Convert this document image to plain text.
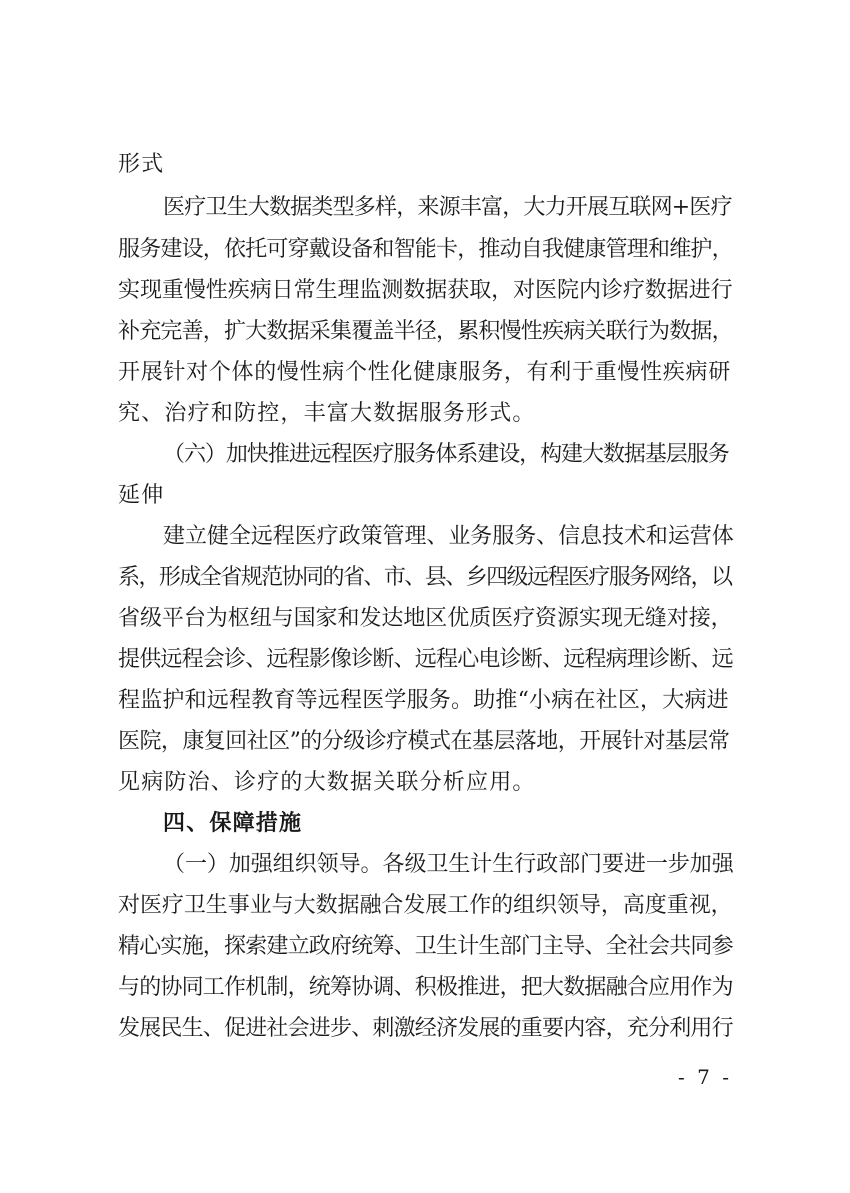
形式
医疗卫生大数据类型多样，来源丰富，大力开展互联网+医疗
服务建设，依托可穿戴设备和智能卡，推动自我健康管理和维护，
实现重慢性疾病日常生理监测数据获取，对医院内诊疗数据进行
补充完善，扩大数据采集覆盖半径，累积慢性疾病关联行为数据，
开展针对个体的慢性病个性化健康服务，有利于重慢性疾病研
究、治疗和防控，丰富大数据服务形式。
（六）加快推进远程医疗服务体系建设，构建大数据基层服务
延伸
建立健全远程医疗政策管理、业务服务、信息技术和运营体
系，形成全省规范协同的省、市、县、乡四级远程医疗服务网络，以
省级平台为枢纽与国家和发达地区优质医疗资源实现无缝对接，
提供远程会诊、远程影像诊断、远程心电诊断、远程病理诊断、远
程监护和远程教育等远程医学服务。助推“小病在社区，大病进
医院，康复回社区”的分级诊疗模式在基层落地，开展针对基层常
见病防治、诊疗的大数据关联分析应用。
四、保障措施
（一）加强组织领导。各级卫生计生行政部门要进一步加强
对医疗卫生事业与大数据融合发展工作的组织领导，高度重视，
精心实施，探索建立政府统筹、卫生计生部门主导、全社会共同参
与的协同工作机制，统筹协调、积极推进，把大数据融合应用作为
发展民生、促进社会进步、刺激经济发展的重要内容，充分利用行
- 7 -
